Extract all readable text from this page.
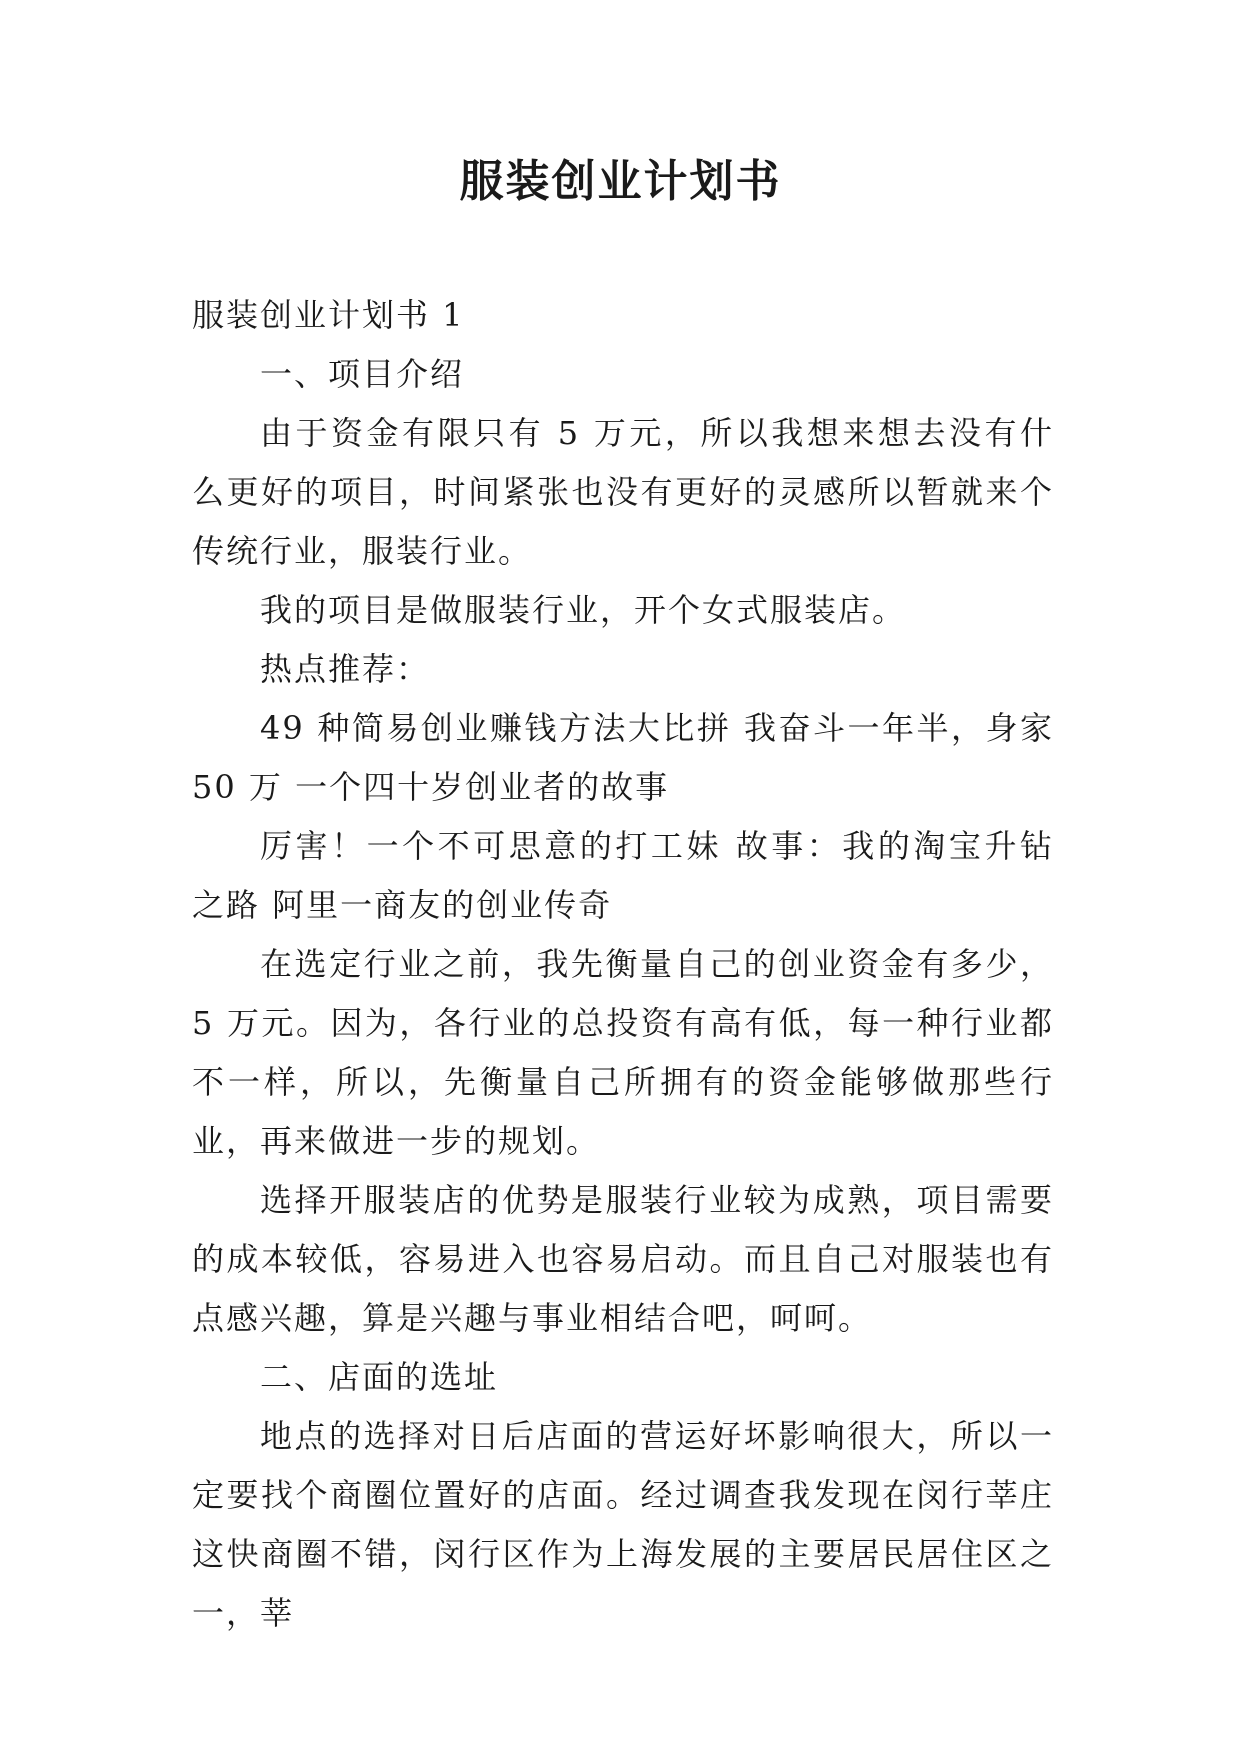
服装创业计划书

服装创业计划书 1

一、项目介绍

由于资金有限只有 5 万元，所以我想来想去没有什么更好的项目，时间紧张也没有更好的灵感所以暂就来个传统行业，服装行业。

我的项目是做服装行业，开个女式服装店。

热点推荐：

49 种简易创业赚钱方法大比拼 我奋斗一年半，身家 50 万 一个四十岁创业者的故事

厉害！一个不可思意的打工妹 故事：我的淘宝升钻之路 阿里一商友的创业传奇

在选定行业之前，我先衡量自己的创业资金有多少，5 万元。因为，各行业的总投资有高有低，每一种行业都不一样，所以，先衡量自己所拥有的资金能够做那些行业，再来做进一步的规划。

选择开服装店的优势是服装行业较为成熟，项目需要的成本较低，容易进入也容易启动。而且自己对服装也有点感兴趣，算是兴趣与事业相结合吧，呵呵。

二、店面的选址

地点的选择对日后店面的营运好坏影响很大，所以一定要找个商圈位置好的店面。经过调查我发现在闵行莘庄这快商圈不错，闵行区作为上海发展的主要居民居住区之一，莘
